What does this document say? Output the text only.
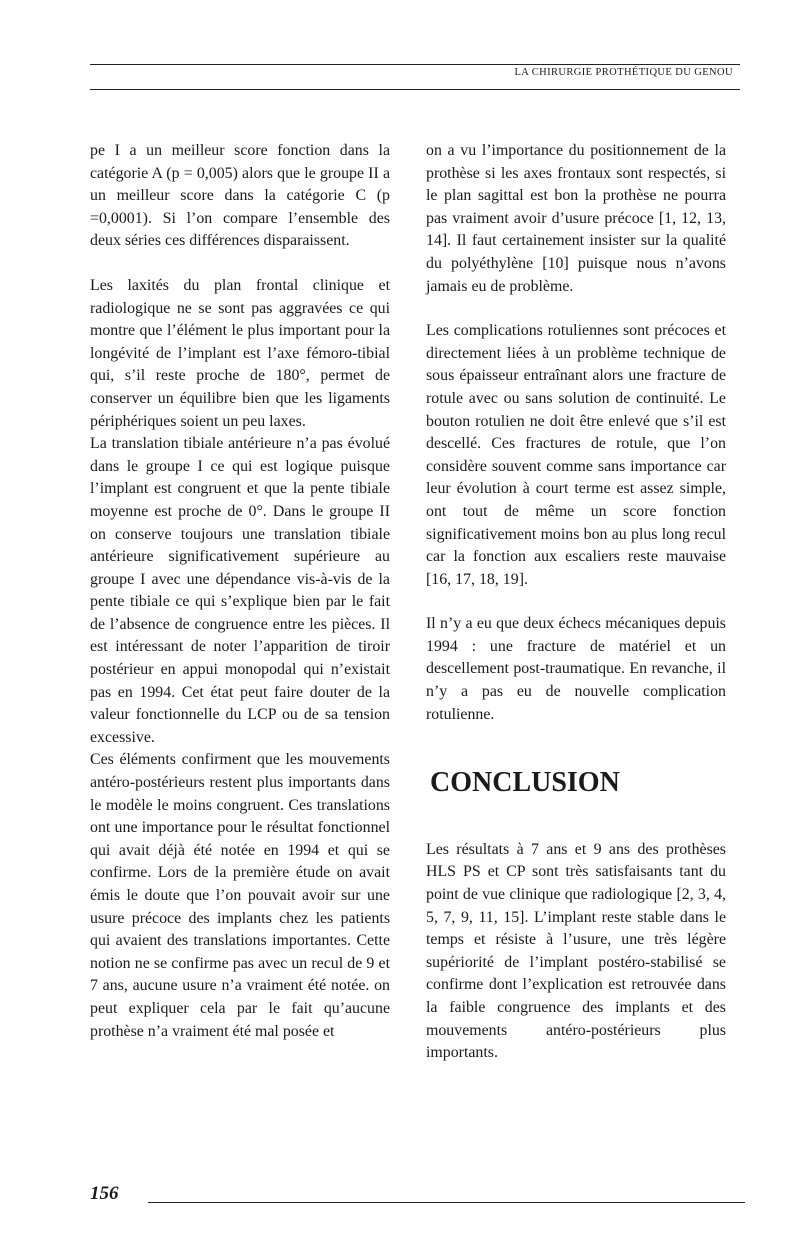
LA CHIRURGIE PROTHÉTIQUE DU GENOU

pe I a un meilleur score fonction dans la catégorie A (p = 0,005) alors que le groupe II a un meilleur score dans la catégorie C (p =0,0001). Si l’on compare l’ensemble des deux séries ces différences disparaissent.

Les laxités du plan frontal clinique et radiologique ne se sont pas aggravées ce qui montre que l’élément le plus important pour la longévité de l’implant est l’axe fémoro-tibial qui, s’il reste proche de 180°, permet de conserver un équilibre bien que les ligaments périphériques soient un peu laxes.

La translation tibiale antérieure n’a pas évolué dans le groupe I ce qui est logique puisque l’implant est congruent et que la pente tibiale moyenne est proche de 0°. Dans le groupe II on conserve toujours une translation tibiale antérieure significativement supérieure au groupe I avec une dépendance vis-à-vis de la pente tibiale ce qui s’explique bien par le fait de l’absence de congruence entre les pièces. Il est intéressant de noter l’apparition de tiroir postérieur en appui monopodal qui n’existait pas en 1994. Cet état peut faire douter de la valeur fonctionnelle du LCP ou de sa tension excessive.

Ces éléments confirment que les mouvements antéro-postérieurs restent plus importants dans le modèle le moins congruent. Ces translations ont une importance pour le résultat fonctionnel qui avait déjà été notée en 1994 et qui se confirme. Lors de la première étude on avait émis le doute que l’on pouvait avoir sur une usure précoce des implants chez les patients qui avaient des translations importantes. Cette notion ne se confirme pas avec un recul de 9 et 7 ans, aucune usure n’a vraiment été notée. on peut expliquer cela par le fait qu’aucune prothèse n’a vraiment été mal posée et

on a vu l’importance du positionnement de la prothèse si les axes frontaux sont respectés, si le plan sagittal est bon la prothèse ne pourra pas vraiment avoir d’usure précoce [1, 12, 13, 14]. Il faut certainement insister sur la qualité du polyéthylène [10] puisque nous n’avons jamais eu de problème.

Les complications rotuliennes sont précoces et directement liées à un problème technique de sous épaisseur entraînant alors une fracture de rotule avec ou sans solution de continuité. Le bouton rotulien ne doit être enlevé que s’il est descellé. Ces fractures de rotule, que l’on considère souvent comme sans importance car leur évolution à court terme est assez simple, ont tout de même un score fonction significativement moins bon au plus long recul car la fonction aux escaliers reste mauvaise [16, 17, 18, 19].

Il n’y a eu que deux échecs mécaniques depuis 1994 : une fracture de matériel et un descellement post-traumatique. En revanche, il n’y a pas eu de nouvelle complication rotulienne.

CONCLUSION

Les résultats à 7 ans et 9 ans des prothèses HLS PS et CP sont très satisfaisants tant du point de vue clinique que radiologique [2, 3, 4, 5, 7, 9, 11, 15]. L’implant reste stable dans le temps et résiste à l’usure, une très légère supériorité de l’implant postéro-stabilisé se confirme dont l’explication est retrouvée dans la faible congruence des implants et des mouvements antéro-postérieurs plus importants.

156
